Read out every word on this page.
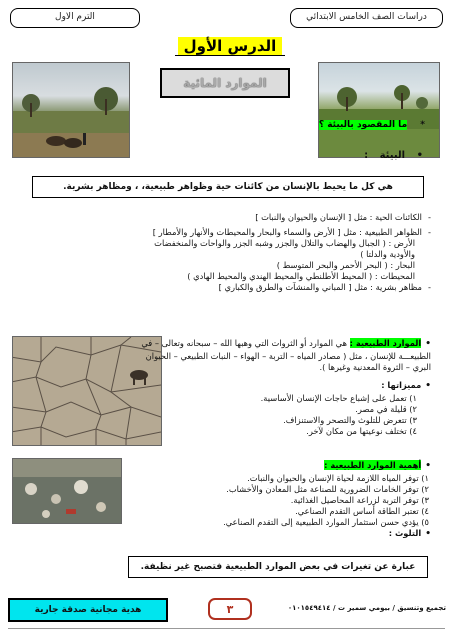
الترم الاول	دراسات الصف الخامس الابتدائي
الدرس الأول
الموارد المائية
* ما المقصود بالبيئة ؟
• البيئة :
هي كل ما يحيط بالإنسان من كائنات حية وظواهر طبيعية، ، ومظاهر بشرية.
-الكائنات الحية : مثل [ الإنسان والحيوان والنبات ]
-الظواهر الطبيعية : مثل [ الأرض والسماء والبحار والمحيطات والأنهار والأمطار ]
الأرض : ( الجبال والهضاب والتلال والجزر وشبه الجزر والواحات والمنخفضات
والأودية والدلتا )
البحار : ( البحر الأحمر والبحر المتوسط )
المحيطات : ( المحيط الأطلنطي والمحيط الهندي والمحيط الهادي )
-مظاهر بشرية : مثل [ المباني والمنشآت والطرق والكباري ]
•الموارد الطبيعية : هي الموارد أو الثروات التي وهبها الله – سبحانه وتعالى – في
الطبيعـــة للإنسان ، مثل ( مصادر المياه – التربة – الهواء – النبات الطبيعي – الحيوان
البري – الثروة المعدنية وغيرها ).
•مميزاتها :
١) تعمل على إشباع حاجات الإنسان الأساسية.
٢) قليلة في مصر.
٣) تتعرض للتلوث والتصحر والاستنزاف.
٤) تختلف نوعيتها من مكان لآخر.
•أهمية الموارد الطبيعية :
١) توفر المياه اللازمة لحياة الإنسان والحيوان والنبات.
٢) توفر الخامات الضرورية للصناعة مثل المعادن والأخشاب.
٣) توفر التربة لزراعة المحاصيل الغذائية.
٤) تعتبر الطاقة أساس التقدم الصناعي.
٥) يؤدي حسن استثمار الموارد الطبيعية إلى التقدم الصناعي.
•التلوث :
عبارة عن تغيرات في بعض الموارد الطبيعية فتصبح غير نظيفة.
هدية مجانية صدقة جارية	٣	تجميع وتنسيق / بيومي سمير ت / ٠١٠١٥٤٩٤١٤
